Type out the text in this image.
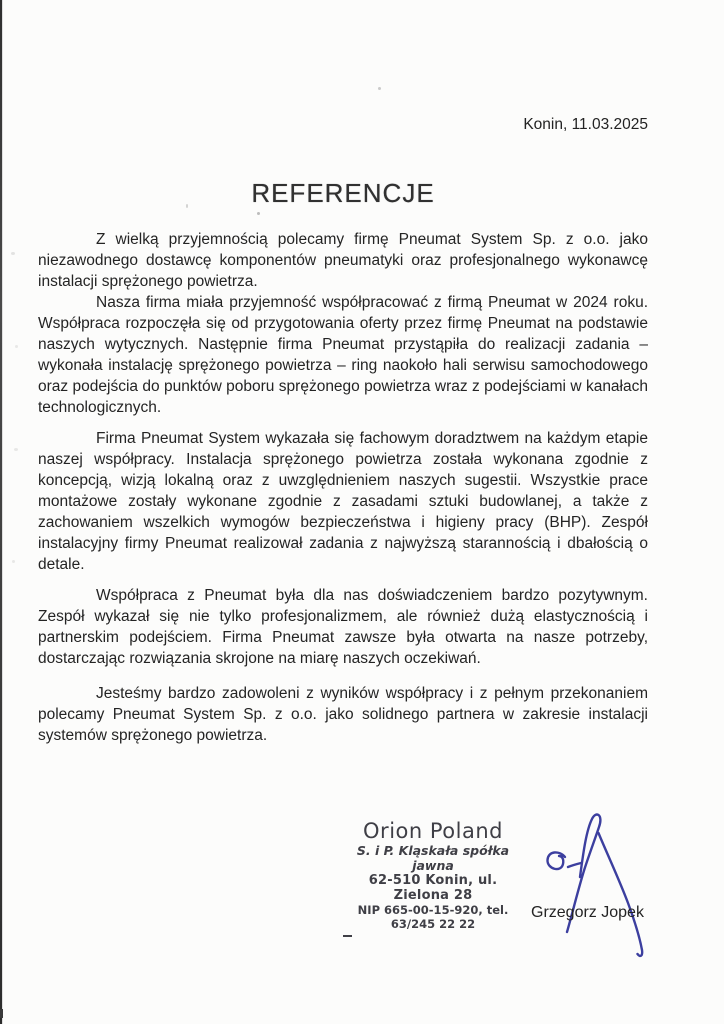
Konin, 11.03.2025
REFERENCJE

Z wielką przyjemnością polecamy firmę Pneumat System Sp. z o.o. jako niezawodnego dostawcę komponentów pneumatyki oraz profesjonalnego wykonawcę instalacji sprężonego powietrza.

Nasza firma miała przyjemność współpracować z firmą Pneumat w 2024 roku. Współpraca rozpoczęła się od przygotowania oferty przez firmę Pneumat na podstawie naszych wytycznych. Następnie firma Pneumat przystąpiła do realizacji zadania – wykonała instalację sprężonego powietrza – ring naokoło hali serwisu samochodowego oraz podejścia do punktów poboru sprężonego powietrza wraz z podejściami w kanałach technologicznych.

Firma Pneumat System wykazała się fachowym doradztwem na każdym etapie naszej współpracy. Instalacja sprężonego powietrza została wykonana zgodnie z koncepcją, wizją lokalną oraz z uwzględnieniem naszych sugestii. Wszystkie prace montażowe zostały wykonane zgodnie z zasadami sztuki budowlanej, a także z zachowaniem wszelkich wymogów bezpieczeństwa i higieny pracy (BHP). Zespół instalacyjny firmy Pneumat realizował zadania z najwyższą starannością i dbałością o detale.

Współpraca z Pneumat była dla nas doświadczeniem bardzo pozytywnym. Zespół wykazał się nie tylko profesjonalizmem, ale również dużą elastycznością i partnerskim podejściem. Firma Pneumat zawsze była otwarta na nasze potrzeby, dostarczając rozwiązania skrojone na miarę naszych oczekiwań.

Jesteśmy bardzo zadowoleni z wyników współpracy i z pełnym przekonaniem polecamy Pneumat System Sp. z o.o. jako solidnego partnera w zakresie instalacji systemów sprężonego powietrza.

Orion Poland
S. i P. Kląskała spółka jawna
62-510 Konin, ul. Zielona 28
NIP 665-00-15-920, tel. 63/245 22 22
Grzegorz Jopek
